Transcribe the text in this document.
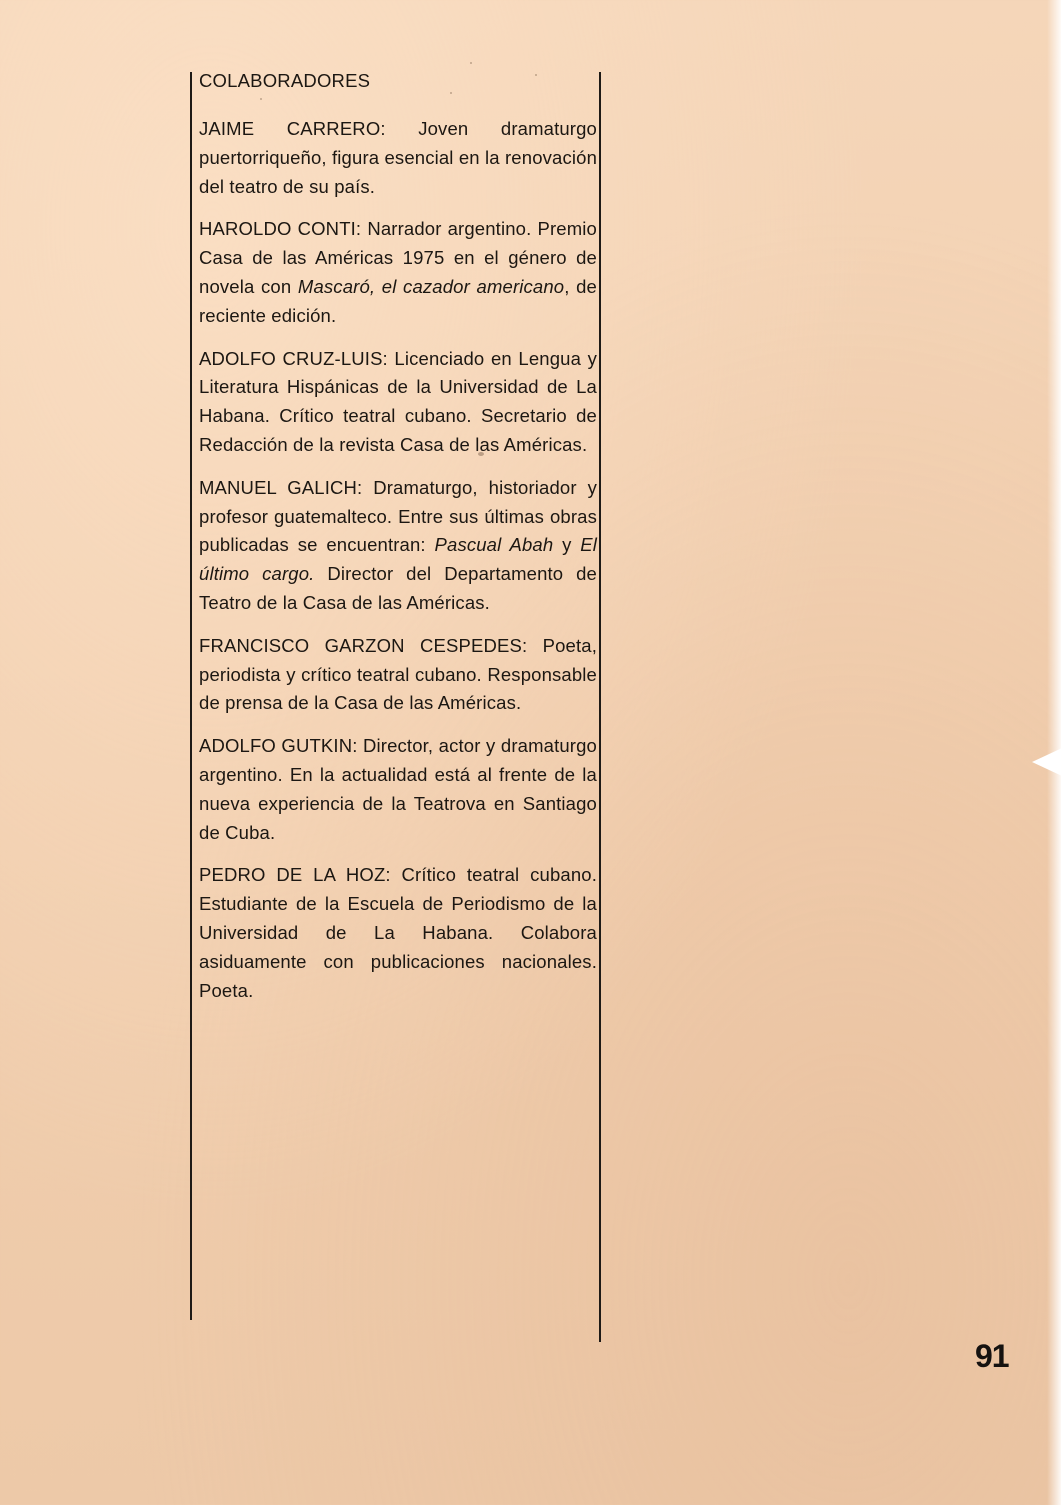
COLABORADORES

JAIME CARRERO: Joven dramaturgo puertorriqueño, figura esencial en la renovación del teatro de su país.

HAROLDO CONTI: Narrador argentino. Premio Casa de las Américas 1975 en el género de novela con Mascaró, el cazador americano, de reciente edición.

ADOLFO CRUZ-LUIS: Licenciado en Lengua y Literatura Hispánicas de la Universidad de La Habana. Crítico teatral cubano. Secretario de Redacción de la revista Casa de las Américas.

MANUEL GALICH: Dramaturgo, historiador y profesor guatemalteco. Entre sus últimas obras publicadas se encuentran: Pascual Abah y El último cargo. Director del Departamento de Teatro de la Casa de las Américas.

FRANCISCO GARZON CESPEDES: Poeta, periodista y crítico teatral cubano. Responsable de prensa de la Casa de las Américas.

ADOLFO GUTKIN: Director, actor y dramaturgo argentino. En la actualidad está al frente de la nueva experiencia de la Teatrova en Santiago de Cuba.

PEDRO DE LA HOZ: Crítico teatral cubano. Estudiante de la Escuela de Periodismo de la Universidad de La Habana. Colabora asiduamente con publicaciones nacionales. Poeta.

91
